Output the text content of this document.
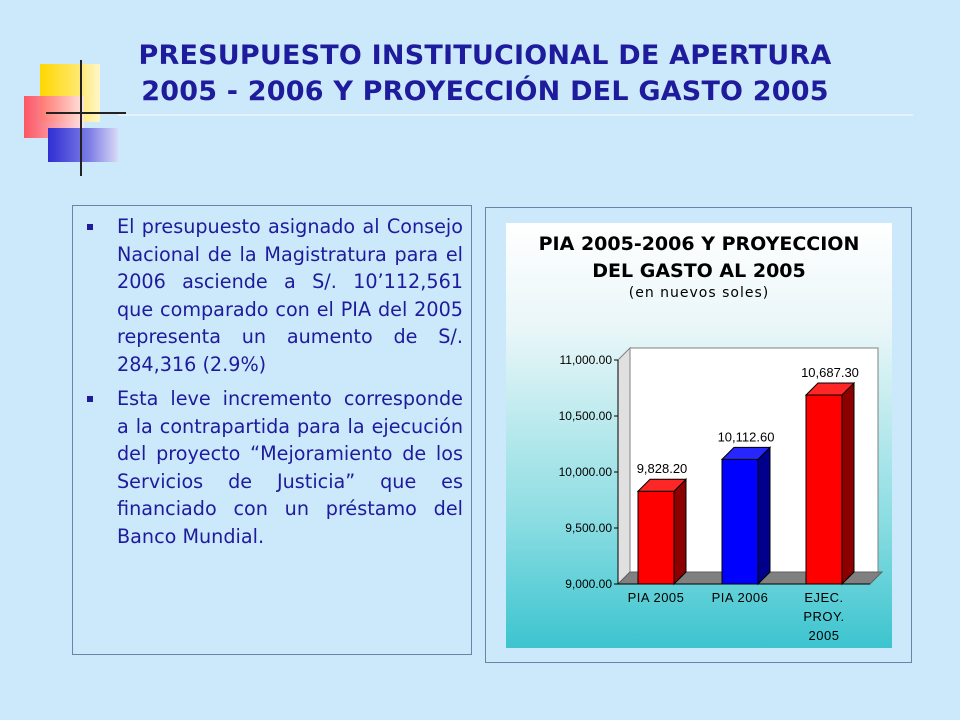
PRESUPUESTO INSTITUCIONAL DE APERTURA
2005 - 2006 Y PROYECCIÓN DEL GASTO 2005
El presupuesto asignado al Consejo Nacional de la Magistratura para el 2006 asciende a S/. 10’112,561 que comparado con el PIA del 2005 representa un aumento de S/. 284,316 (2.9%)
Esta leve incremento corresponde a la contrapartida para la ejecución del proyecto “Mejoramiento de los Servicios de Justicia” que es financiado con un préstamo del Banco Mundial.
PIA 2005-2006 Y PROYECCION
DEL GASTO AL 2005
(en nuevos soles)
9,000.00
9,500.00
10,000.00
10,500.00
11,000.00
9,828.20
PIA 2005
10,112.60
PIA 2006
10,687.30
EJEC.
PROY.
2005
